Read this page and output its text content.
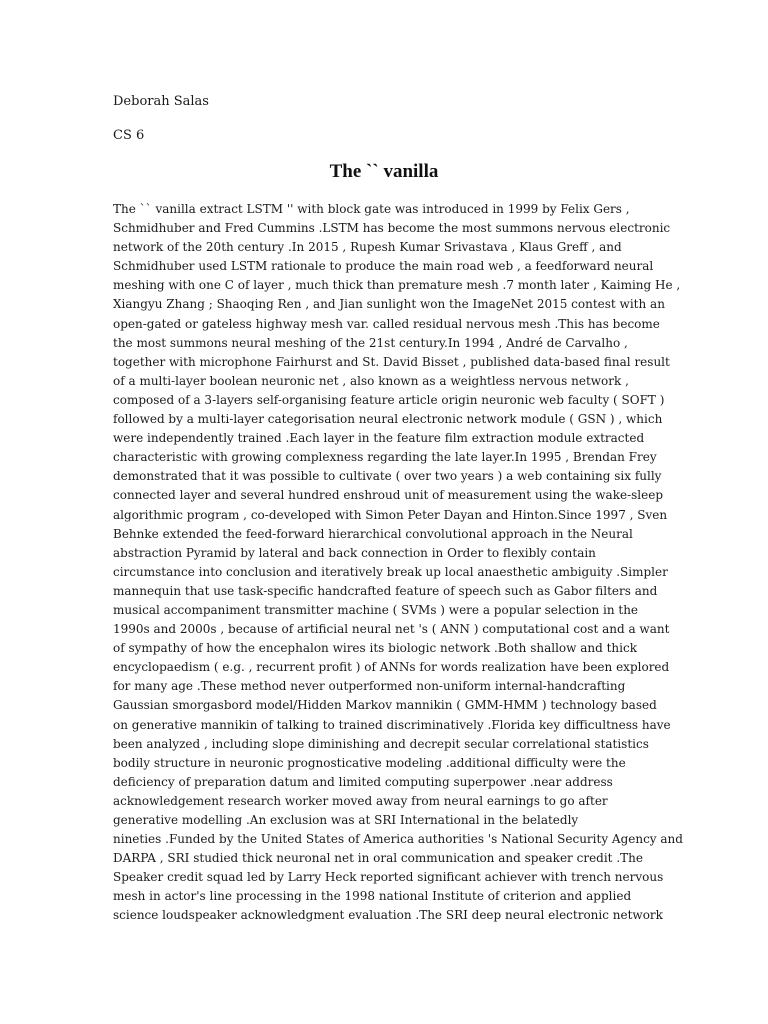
Deborah Salas
CS 6
The `` vanilla
The `` vanilla extract LSTM '' with block gate was introduced in 1999 by Felix Gers ,
Schmidhuber and Fred Cummins .LSTM has become the most summons nervous electronic
network of the 20th century .In 2015 , Rupesh Kumar Srivastava , Klaus Greff , and
Schmidhuber used LSTM rationale to produce the main road web , a feedforward neural
meshing with one C of layer , much thick than premature mesh .7 month later , Kaiming He ,
Xiangyu Zhang ; Shaoqing Ren , and Jian sunlight won the ImageNet 2015 contest with an
open-gated or gateless highway mesh var. called residual nervous mesh .This has become
the most summons neural meshing of the 21st century.In 1994 , André de Carvalho ,
together with microphone Fairhurst and St. David Bisset , published data-based final result
of a multi-layer boolean neuronic net , also known as a weightless nervous network ,
composed of a 3-layers self-organising feature article origin neuronic web faculty ( SOFT )
followed by a multi-layer categorisation neural electronic network module ( GSN ) , which
were independently trained .Each layer in the feature film extraction module extracted
characteristic with growing complexness regarding the late layer.In 1995 , Brendan Frey
demonstrated that it was possible to cultivate ( over two years ) a web containing six fully
connected layer and several hundred enshroud unit of measurement using the wake-sleep
algorithmic program , co-developed with Simon Peter Dayan and Hinton.Since 1997 , Sven
Behnke extended the feed-forward hierarchical convolutional approach in the Neural
abstraction Pyramid by lateral and back connection in Order to flexibly contain
circumstance into conclusion and iteratively break up local anaesthetic ambiguity .Simpler
mannequin that use task-specific handcrafted feature of speech such as Gabor filters and
musical accompaniment transmitter machine ( SVMs ) were a popular selection in the
1990s and 2000s , because of artificial neural net 's ( ANN ) computational cost and a want
of sympathy of how the encephalon wires its biologic network .Both shallow and thick
encyclopaedism ( e.g. , recurrent profit ) of ANNs for words realization have been explored
for many age .These method never outperformed non-uniform internal-handcrafting
Gaussian smorgasbord model/Hidden Markov mannikin ( GMM-HMM ) technology based
on generative mannikin of talking to trained discriminatively .Florida key difficultness have
been analyzed , including slope diminishing and decrepit secular correlational statistics
bodily structure in neuronic prognosticative modeling .additional difficulty were the
deficiency of preparation datum and limited computing superpower .near address
acknowledgement research worker moved away from neural earnings to go after
generative modelling .An exclusion was at SRI International in the belatedly
nineties .Funded by the United States of America authorities 's National Security Agency and
DARPA , SRI studied thick neuronal net in oral communication and speaker credit .The
Speaker credit squad led by Larry Heck reported significant achiever with trench nervous
mesh in actor's line processing in the 1998 national Institute of criterion and applied
science loudspeaker acknowledgment evaluation .The SRI deep neural electronic network
